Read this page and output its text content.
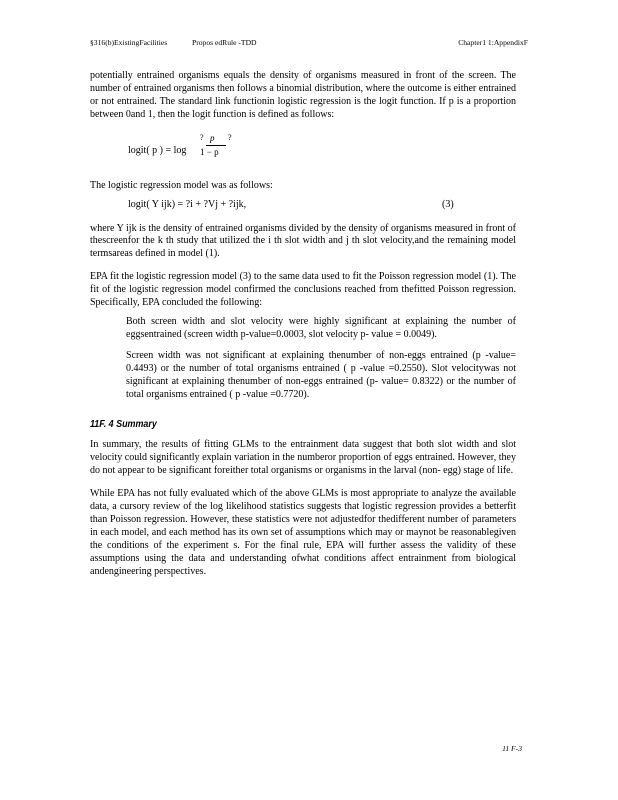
§316(b)ExistingFacilities	Propos edRule -TDD	Chapter1 1:AppendixF

potentially entrained organisms equals the density of organisms measured in front of the screen. The number of entrained organisms then follows a binomial distribution, where the outcome is either entrained or not entrained. The standard link functionin logistic regression is the logit function. If p is a proportion between 0and 1, then the logit function is defined as follows:

logit( p ) = log
? p ?
1 − p

The logistic regression model was as follows:

logit( Y ijk) = ?i + ?Vj + ?ijk,	(3)

where Y ijk is the density of entrained organisms divided by the density of organisms measured in front of thescreenfor the k th study that utilized the i th slot width and j th slot velocity,and the remaining model termsareas defined in model (1).

EPA fit the logistic regression model (3) to the same data used to fit the Poisson regression model (1). The fit of the logistic regression model confirmed the conclusions reached from thefitted Poisson regression. Specifically, EPA concluded the following:

Both screen width and slot velocity were highly significant at explaining the number of eggsentrained (screen width p-value=0.0003, slot velocity p- value = 0.0049).
Screen width was not significant at explaining thenumber of non-eggs entrained (p -value= 0.4493) or the number of total organisms entrained ( p -value =0.2550). Slot velocitywas not significant at explaining thenumber of non-eggs entrained (p- value= 0.8322) or the number of total organisms entrained ( p -value =0.7720).
11F. 4 Summary

In summary, the results of fitting GLMs to the entrainment data suggest that both slot width and slot velocity could significantly explain variation in the numberor proportion of eggs entrained. However, they do not appear to be significant foreither total organisms or organisms in the larval (non- egg) stage of life.

While EPA has not fully evaluated which of the above GLMs is most appropriate to analyze the available data, a cursory review of the log likelihood statistics suggests that logistic regression provides a betterfit than Poisson regression. However, these statistics were not adjustedfor thedifferent number of parameters in each model, and each method has its own set of assumptions which may or maynot be reasonablegiven the conditions of the experiment s. For the final rule, EPA will further assess the validity of these assumptions using the data and understanding ofwhat conditions affect entrainment from biological andengineering perspectives.

11 F-3
